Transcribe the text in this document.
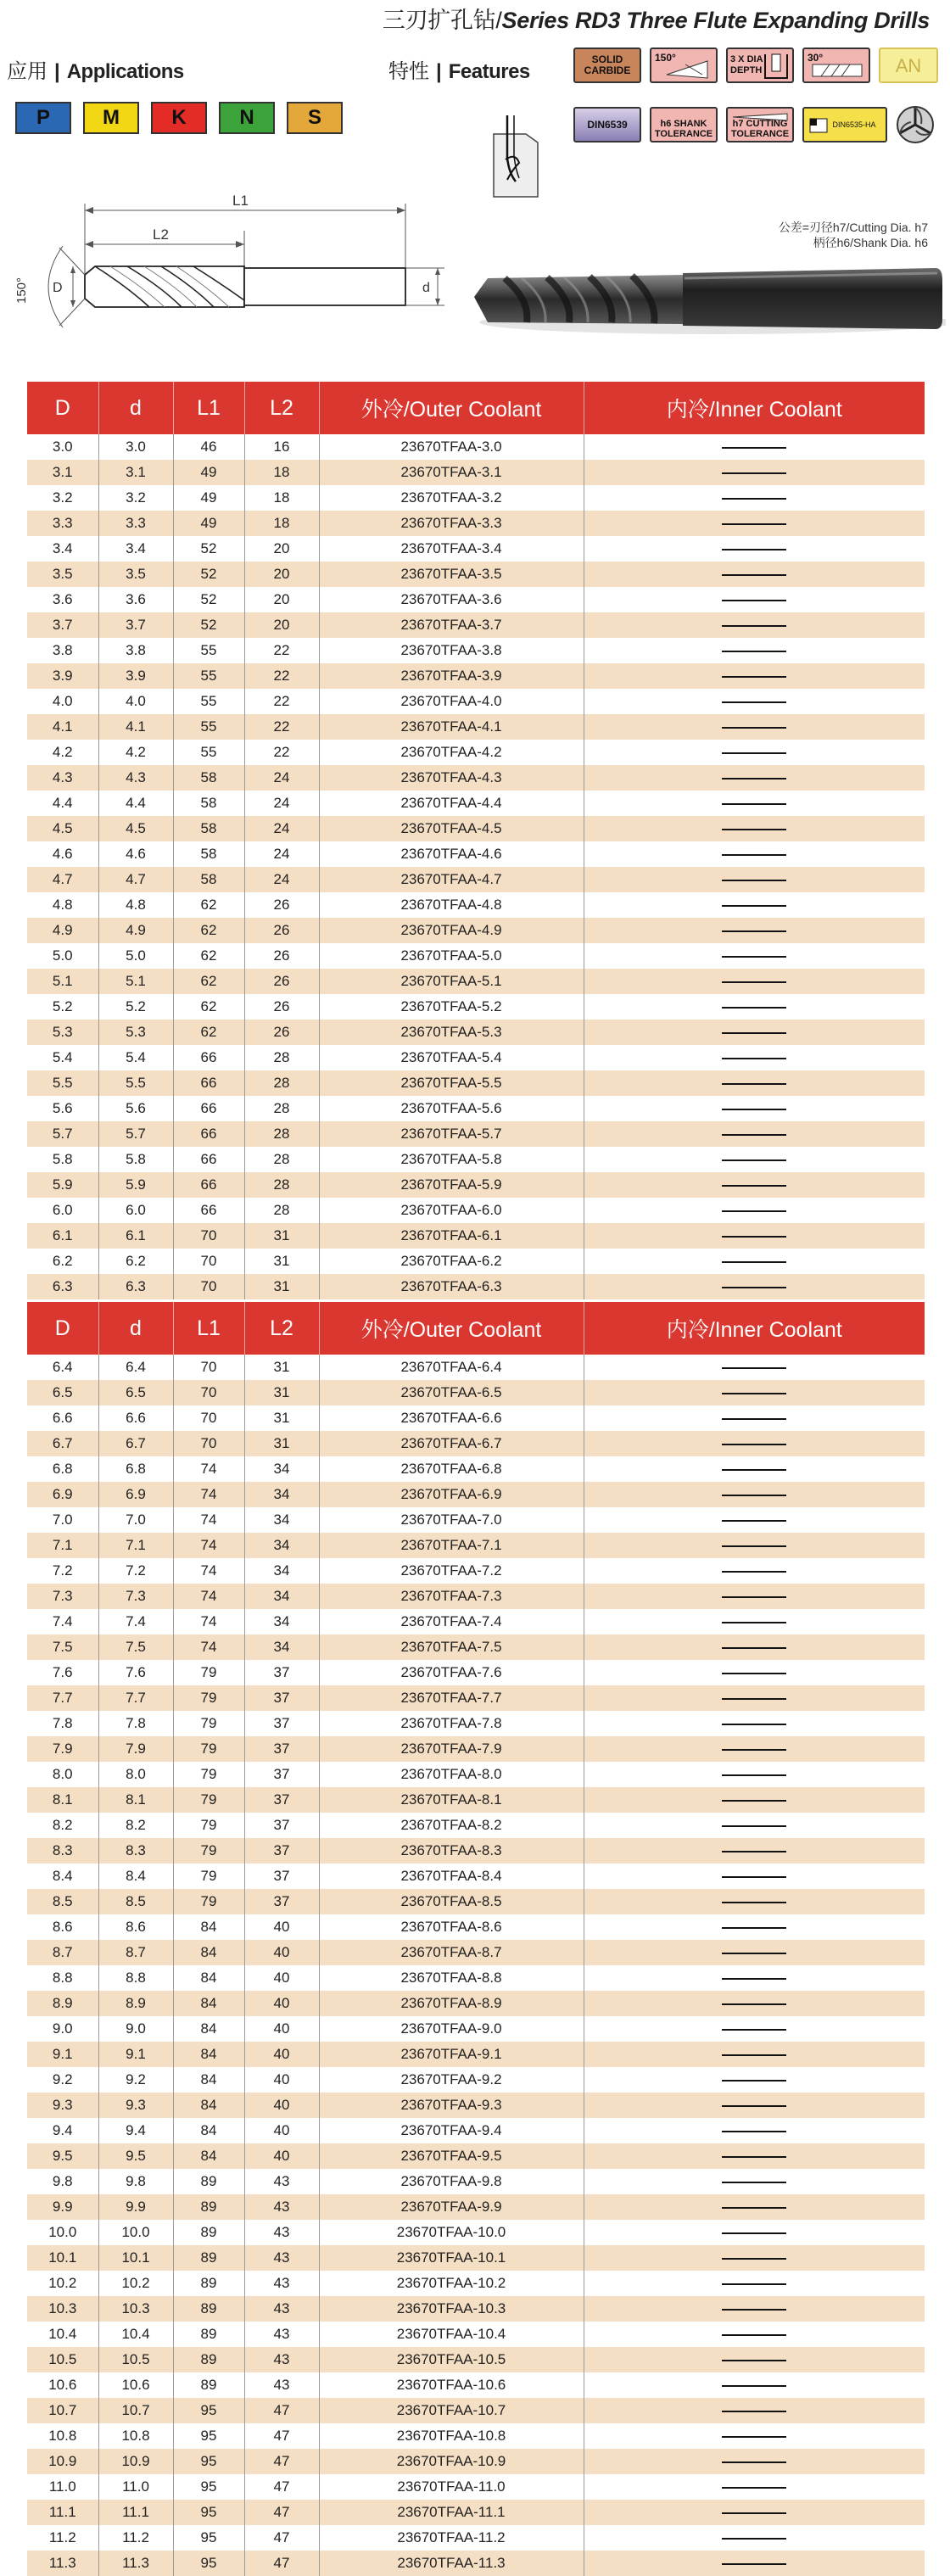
三刃扩孔钻/Series RD3 Three Flute Expanding Drills
应用 | Applications	特性 | Features
P	M	K	N	S
SOLID CARBIDE
150°	3 X DIA DEPTH
30°	AN
DIN6539	h6 SHANK TOLERANCE
h7 CUTTING TOLERANCE
DIN6535-HA
L1
L2
D	d
150°
公差=刃径h7/Cutting Dia. h7
柄径h6/Shank Dia. h6
D	d	L1	L2	外冷/Outer Coolant	内冷/Inner Coolant
3.0	3.0	46	16	23670TFAA-3.0	
3.1	3.1	49	18	23670TFAA-3.1	
3.2	3.2	49	18	23670TFAA-3.2	
3.3	3.3	49	18	23670TFAA-3.3	
3.4	3.4	52	20	23670TFAA-3.4	
3.5	3.5	52	20	23670TFAA-3.5	
3.6	3.6	52	20	23670TFAA-3.6	
3.7	3.7	52	20	23670TFAA-3.7	
3.8	3.8	55	22	23670TFAA-3.8	
3.9	3.9	55	22	23670TFAA-3.9	
4.0	4.0	55	22	23670TFAA-4.0	
4.1	4.1	55	22	23670TFAA-4.1	
4.2	4.2	55	22	23670TFAA-4.2	
4.3	4.3	58	24	23670TFAA-4.3	
4.4	4.4	58	24	23670TFAA-4.4	
4.5	4.5	58	24	23670TFAA-4.5	
4.6	4.6	58	24	23670TFAA-4.6	
4.7	4.7	58	24	23670TFAA-4.7	
4.8	4.8	62	26	23670TFAA-4.8	
4.9	4.9	62	26	23670TFAA-4.9	
5.0	5.0	62	26	23670TFAA-5.0	
5.1	5.1	62	26	23670TFAA-5.1	
5.2	5.2	62	26	23670TFAA-5.2	
5.3	5.3	62	26	23670TFAA-5.3	
5.4	5.4	66	28	23670TFAA-5.4	
5.5	5.5	66	28	23670TFAA-5.5	
5.6	5.6	66	28	23670TFAA-5.6	
5.7	5.7	66	28	23670TFAA-5.7	
5.8	5.8	66	28	23670TFAA-5.8	
5.9	5.9	66	28	23670TFAA-5.9	
6.0	6.0	66	28	23670TFAA-6.0	
6.1	6.1	70	31	23670TFAA-6.1	
6.2	6.2	70	31	23670TFAA-6.2	
6.3	6.3	70	31	23670TFAA-6.3	
D	d	L1	L2	外冷/Outer Coolant	内冷/Inner Coolant
6.4	6.4	70	31	23670TFAA-6.4	
6.5	6.5	70	31	23670TFAA-6.5	
6.6	6.6	70	31	23670TFAA-6.6	
6.7	6.7	70	31	23670TFAA-6.7	
6.8	6.8	74	34	23670TFAA-6.8	
6.9	6.9	74	34	23670TFAA-6.9	
7.0	7.0	74	34	23670TFAA-7.0	
7.1	7.1	74	34	23670TFAA-7.1	
7.2	7.2	74	34	23670TFAA-7.2	
7.3	7.3	74	34	23670TFAA-7.3	
7.4	7.4	74	34	23670TFAA-7.4	
7.5	7.5	74	34	23670TFAA-7.5	
7.6	7.6	79	37	23670TFAA-7.6	
7.7	7.7	79	37	23670TFAA-7.7	
7.8	7.8	79	37	23670TFAA-7.8	
7.9	7.9	79	37	23670TFAA-7.9	
8.0	8.0	79	37	23670TFAA-8.0	
8.1	8.1	79	37	23670TFAA-8.1	
8.2	8.2	79	37	23670TFAA-8.2	
8.3	8.3	79	37	23670TFAA-8.3	
8.4	8.4	79	37	23670TFAA-8.4	
8.5	8.5	79	37	23670TFAA-8.5	
8.6	8.6	84	40	23670TFAA-8.6	
8.7	8.7	84	40	23670TFAA-8.7	
8.8	8.8	84	40	23670TFAA-8.8	
8.9	8.9	84	40	23670TFAA-8.9	
9.0	9.0	84	40	23670TFAA-9.0	
9.1	9.1	84	40	23670TFAA-9.1	
9.2	9.2	84	40	23670TFAA-9.2	
9.3	9.3	84	40	23670TFAA-9.3	
9.4	9.4	84	40	23670TFAA-9.4	
9.5	9.5	84	40	23670TFAA-9.5	
9.8	9.8	89	43	23670TFAA-9.8	
9.9	9.9	89	43	23670TFAA-9.9	
10.0	10.0	89	43	23670TFAA-10.0	
10.1	10.1	89	43	23670TFAA-10.1	
10.2	10.2	89	43	23670TFAA-10.2	
10.3	10.3	89	43	23670TFAA-10.3	
10.4	10.4	89	43	23670TFAA-10.4	
10.5	10.5	89	43	23670TFAA-10.5	
10.6	10.6	89	43	23670TFAA-10.6	
10.7	10.7	95	47	23670TFAA-10.7	
10.8	10.8	95	47	23670TFAA-10.8	
10.9	10.9	95	47	23670TFAA-10.9	
11.0	11.0	95	47	23670TFAA-11.0	
11.1	11.1	95	47	23670TFAA-11.1	
11.2	11.2	95	47	23670TFAA-11.2	
11.3	11.3	95	47	23670TFAA-11.3	
